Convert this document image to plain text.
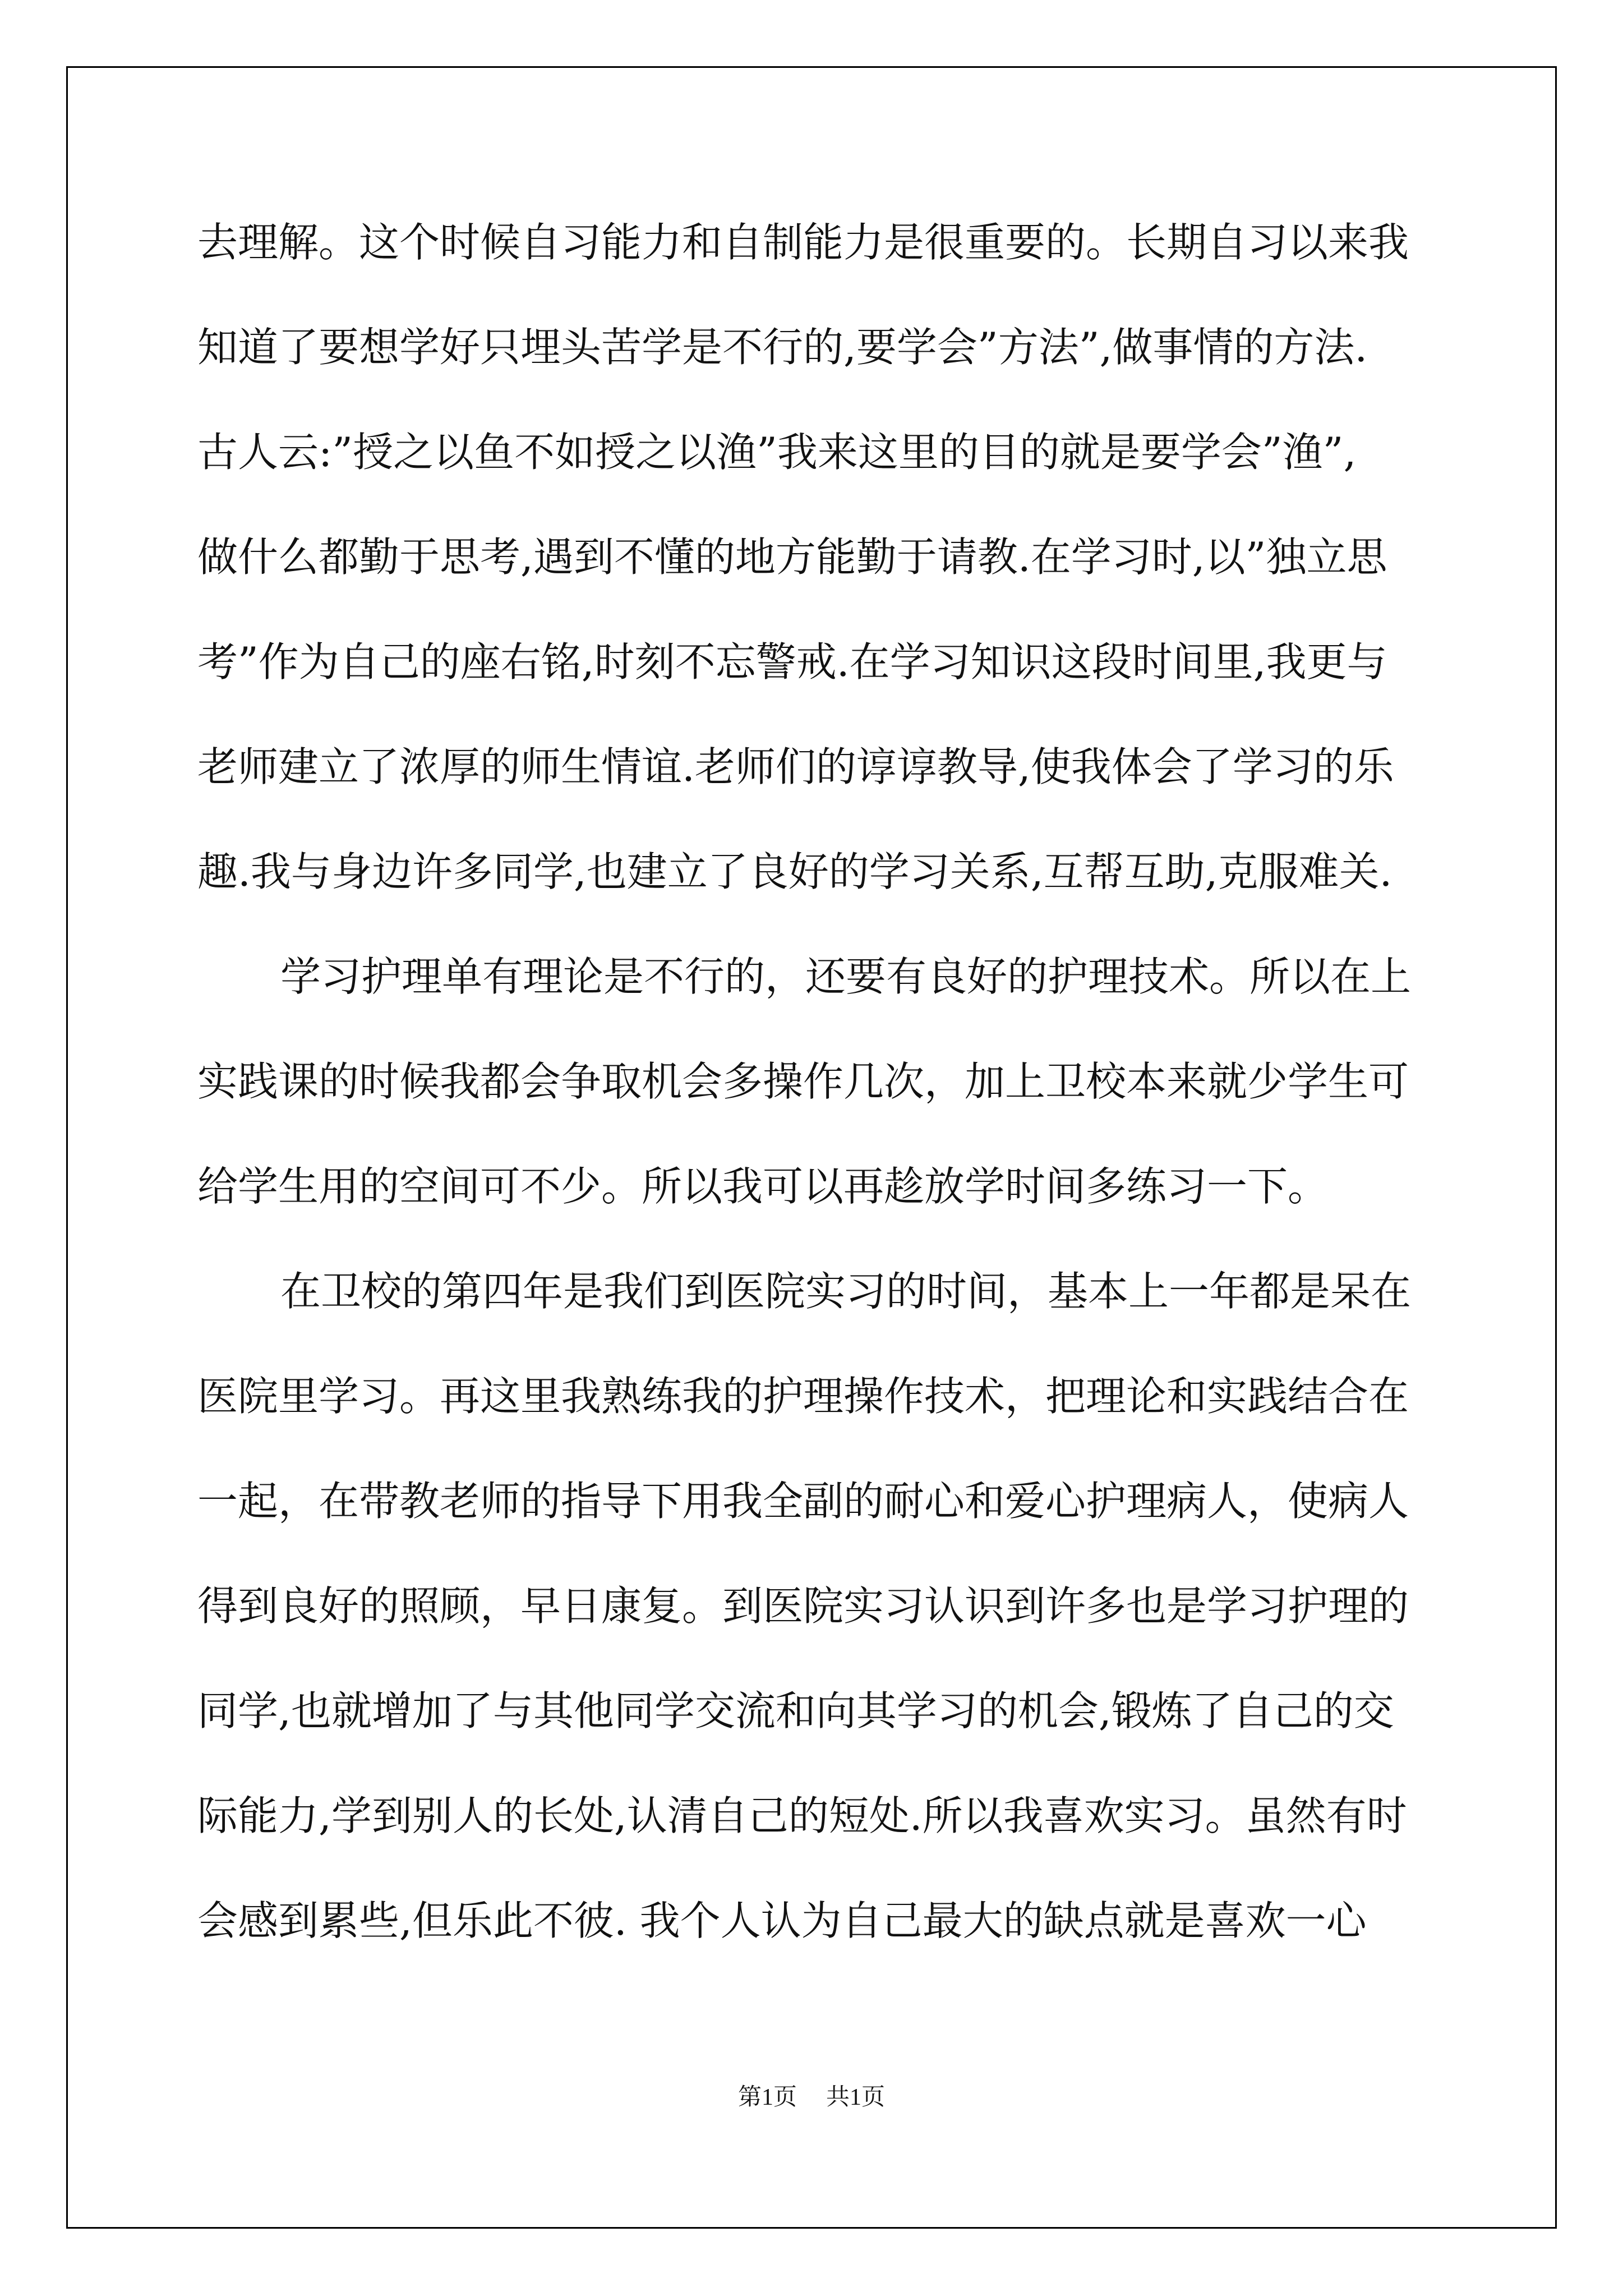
去理解。这个时候自习能力和自制能力是很重要的。长期自习以来我
知道了要想学好只埋头苦学是不行的,要学会”方法”,做事情的方法.
古人云:”授之以鱼不如授之以渔”我来这里的目的就是要学会”渔”,
做什么都勤于思考,遇到不懂的地方能勤于请教.在学习时,以”独立思
考”作为自己的座右铭,时刻不忘警戒.在学习知识这段时间里,我更与
老师建立了浓厚的师生情谊.老师们的谆谆教导,使我体会了学习的乐
趣.我与身边许多同学,也建立了良好的学习关系,互帮互助,克服难关.
学习护理单有理论是不行的，还要有良好的护理技术。所以在上
实践课的时候我都会争取机会多操作几次，加上卫校本来就少学生可
给学生用的空间可不少。所以我可以再趁放学时间多练习一下。
在卫校的第四年是我们到医院实习的时间，基本上一年都是呆在
医院里学习。再这里我熟练我的护理操作技术，把理论和实践结合在
一起，在带教老师的指导下用我全副的耐心和爱心护理病人，使病人
得到良好的照顾，早日康复。到医院实习认识到许多也是学习护理的
同学,也就增加了与其他同学交流和向其学习的机会,锻炼了自己的交
际能力,学到别人的长处,认清自己的短处.所以我喜欢实习。虽然有时
会感到累些,但乐此不彼. 我个人认为自己最大的缺点就是喜欢一心
第1页 共1页
